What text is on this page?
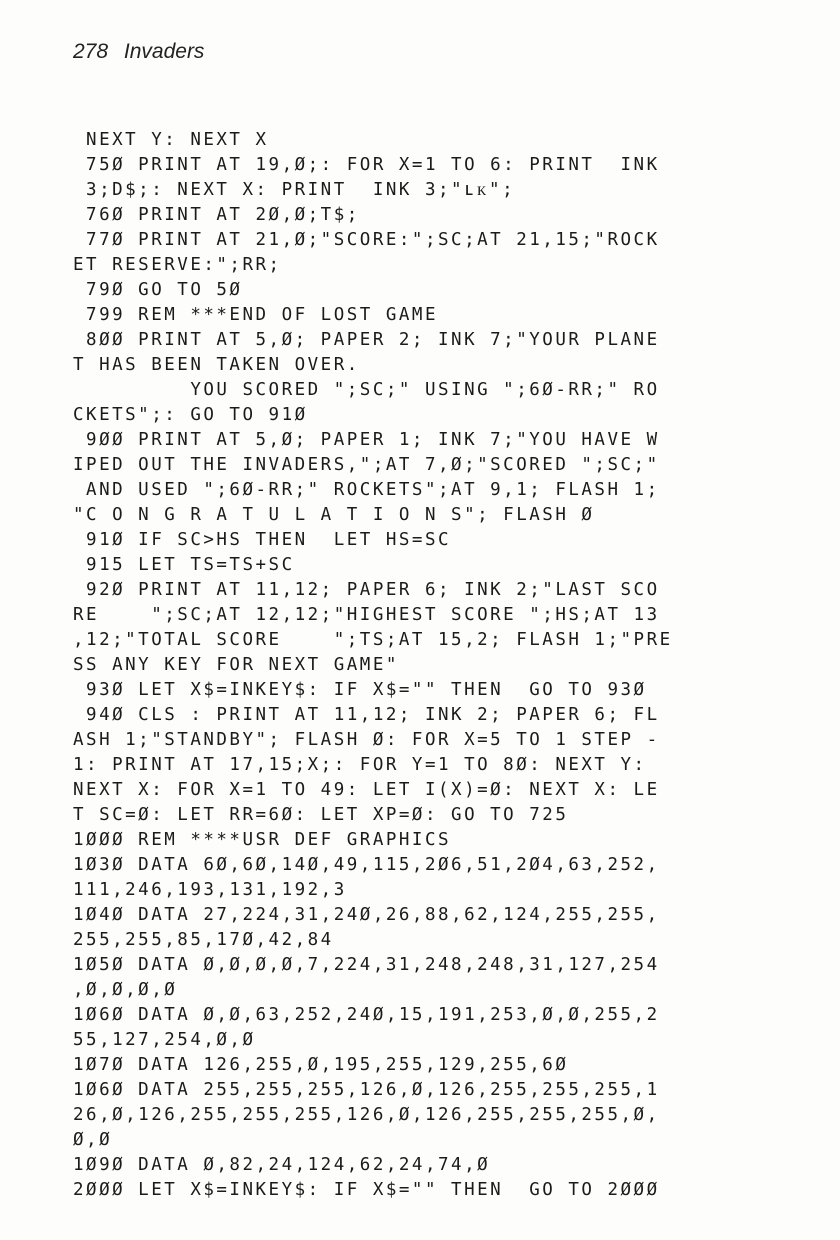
278 Invaders
NEXT Y: NEXT X
75Ø PRINT AT 19,Ø;: FOR X=1 TO 6: PRINT  INK
3;D$;: NEXT X: PRINT  INK 3;"ʟᴋ";
76Ø PRINT AT 2Ø,Ø;T$;
77Ø PRINT AT 21,Ø;"SCORE:";SC;AT 21,15;"ROCK
ET RESERVE:";RR;
79Ø GO TO 5Ø
799 REM ***END OF LOST GAME
8ØØ PRINT AT 5,Ø; PAPER 2; INK 7;"YOUR PLANE
T HAS BEEN TAKEN OVER.
YOU SCORED ";SC;" USING ";6Ø-RR;" RO
CKETS";: GO TO 91Ø
9ØØ PRINT AT 5,Ø; PAPER 1; INK 7;"YOU HAVE W
IPED OUT THE INVADERS,";AT 7,Ø;"SCORED ";SC;"
AND USED ";6Ø-RR;" ROCKETS";AT 9,1; FLASH 1;
"C O N G R A T U L A T I O N S"; FLASH Ø
91Ø IF SC>HS THEN  LET HS=SC
915 LET TS=TS+SC
92Ø PRINT AT 11,12; PAPER 6; INK 2;"LAST SCO
RE    ";SC;AT 12,12;"HIGHEST SCORE ";HS;AT 13
,12;"TOTAL SCORE    ";TS;AT 15,2; FLASH 1;"PRE
SS ANY KEY FOR NEXT GAME"
93Ø LET X$=INKEY$: IF X$="" THEN  GO TO 93Ø
94Ø CLS : PRINT AT 11,12; INK 2; PAPER 6; FL
ASH 1;"STANDBY"; FLASH Ø: FOR X=5 TO 1 STEP -
1: PRINT AT 17,15;X;: FOR Y=1 TO 8Ø: NEXT Y:
NEXT X: FOR X=1 TO 49: LET I(X)=Ø: NEXT X: LE
T SC=Ø: LET RR=6Ø: LET XP=Ø: GO TO 725
1ØØØ REM ****USR DEF GRAPHICS
1Ø3Ø DATA 6Ø,6Ø,14Ø,49,115,2Ø6,51,2Ø4,63,252,
111,246,193,131,192,3
1Ø4Ø DATA 27,224,31,24Ø,26,88,62,124,255,255,
255,255,85,17Ø,42,84
1Ø5Ø DATA Ø,Ø,Ø,Ø,7,224,31,248,248,31,127,254
,Ø,Ø,Ø,Ø
1Ø6Ø DATA Ø,Ø,63,252,24Ø,15,191,253,Ø,Ø,255,2
55,127,254,Ø,Ø
1Ø7Ø DATA 126,255,Ø,195,255,129,255,6Ø
1Ø6Ø DATA 255,255,255,126,Ø,126,255,255,255,1
26,Ø,126,255,255,255,126,Ø,126,255,255,255,Ø,
Ø,Ø
1Ø9Ø DATA Ø,82,24,124,62,24,74,Ø
2ØØØ LET X$=INKEY$: IF X$="" THEN  GO TO 2ØØØ
